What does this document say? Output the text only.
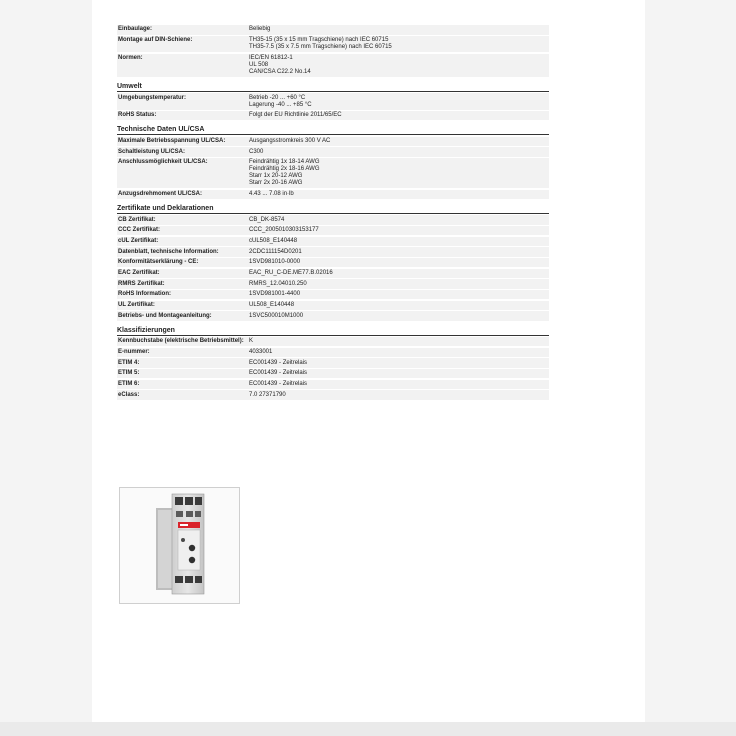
Einbaulage:	Beliebig
Montage auf DIN-Schiene:	TH35-15 (35 x 15 mm Tragschiene) nach IEC 60715
TH35-7.5 (35 x 7.5 mm Tragschiene) nach IEC 60715
Normen:	IEC/EN 61812-1
UL 508
CAN/CSA C22.2 No.14
Umwelt
Umgebungstemperatur:	Betrieb -20 ... +60 °C
Lagerung -40 ... +85 °C
RoHS Status:	Folgt der EU Richtlinie 2011/65/EC
Technische Daten UL/CSA
Maximale Betriebsspannung UL/CSA:	Ausgangsstromkreis 300 V AC
Schaltleistung UL/CSA:	C300
Anschlussmöglichkeit UL/CSA:	Feindrähtig 1x 18-14 AWG
Feindrähtig 2x 18-16 AWG
Starr 1x 20-12 AWG
Starr 2x 20-16 AWG
Anzugsdrehmoment UL/CSA:	4.43 ... 7.08 in·lb
Zertifikate und Deklarationen
CB Zertifikat:	CB_DK-8574
CCC Zertifikat:	CCC_2005010303153177
cUL Zertifikat:	cUL508_E140448
Datenblatt, technische Information:	2CDC111154D0201
Konformitätserklärung - CE:	1SVD981010-0000
EAC Zertifikat:	EAC_RU_C-DE.ME77.B.02016
RMRS Zertifikat:	RMRS_12.04010.250
RoHS Information:	1SVD981001-4400
UL Zertifikat:	UL508_E140448
Betriebs- und Montageanleitung:	1SVC500010M1000
Klassifizierungen
Kennbuchstabe (elektrische Betriebsmittel): K
E-nummer:	4033001
ETIM 4:	EC001439 - Zeitrelais
ETIM 5:	EC001439 - Zeitrelais
ETIM 6:	EC001439 - Zeitrelais
eClass:	7.0 27371790
